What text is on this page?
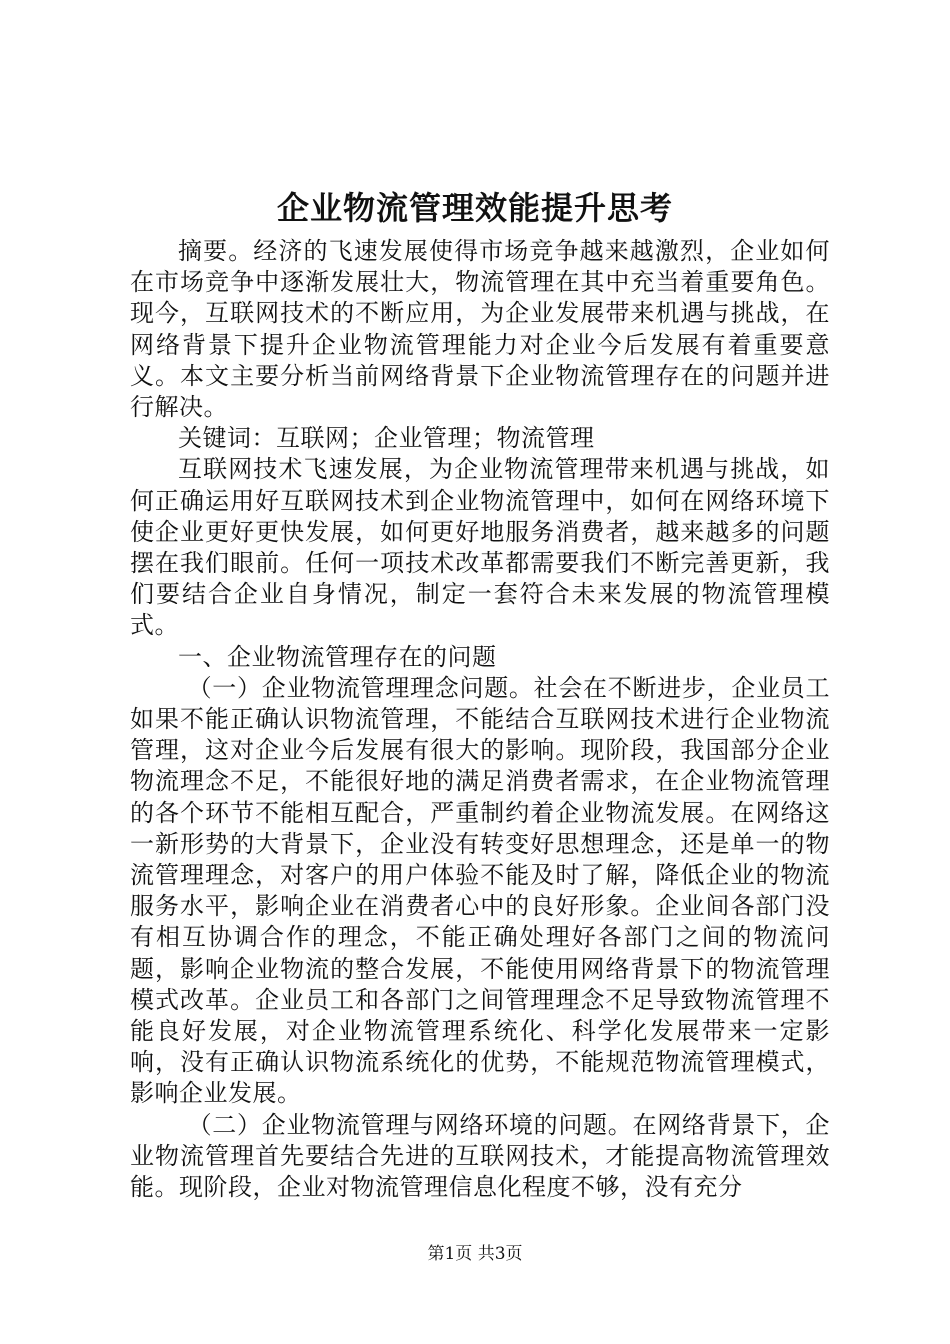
企业物流管理效能提升思考

摘要。经济的飞速发展使得市场竞争越来越激烈，企业如何在市场竞争中逐渐发展壮大，物流管理在其中充当着重要角色。现今，互联网技术的不断应用，为企业发展带来机遇与挑战，在网络背景下提升企业物流管理能力对企业今后发展有着重要意义。本文主要分析当前网络背景下企业物流管理存在的问题并进行解决。

关键词：互联网；企业管理；物流管理

互联网技术飞速发展，为企业物流管理带来机遇与挑战，如何正确运用好互联网技术到企业物流管理中，如何在网络环境下使企业更好更快发展，如何更好地服务消费者，越来越多的问题摆在我们眼前。任何一项技术改革都需要我们不断完善更新，我们要结合企业自身情况，制定一套符合未来发展的物流管理模式。

一、企业物流管理存在的问题

（一）企业物流管理理念问题。社会在不断进步，企业员工如果不能正确认识物流管理，不能结合互联网技术进行企业物流管理，这对企业今后发展有很大的影响。现阶段，我国部分企业物流理念不足，不能很好地的满足消费者需求，在企业物流管理的各个环节不能相互配合，严重制约着企业物流发展。在网络这一新形势的大背景下，企业没有转变好思想理念，还是单一的物流管理理念，对客户的用户体验不能及时了解，降低企业的物流服务水平，影响企业在消费者心中的良好形象。企业间各部门没有相互协调合作的理念，不能正确处理好各部门之间的物流问题，影响企业物流的整合发展，不能使用网络背景下的物流管理模式改革。企业员工和各部门之间管理理念不足导致物流管理不能良好发展，对企业物流管理系统化、科学化发展带来一定影响，没有正确认识物流系统化的优势，不能规范物流管理模式，影响企业发展。

（二）企业物流管理与网络环境的问题。在网络背景下，企业物流管理首先要结合先进的互联网技术，才能提高物流管理效能。现阶段，企业对物流管理信息化程度不够，没有充分

第1页 共3页
